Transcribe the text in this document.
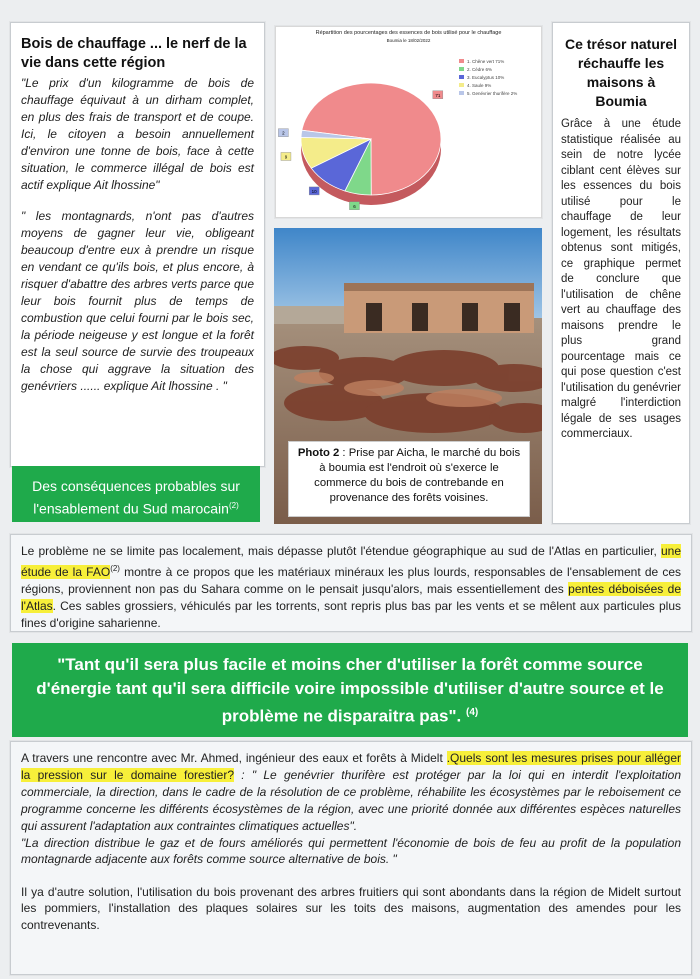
Bois de chauffage ... le nerf de la vie dans cette région

"Le prix d'un kilogramme de bois de chauffage équivaut à un dirham complet, en plus des frais de transport et de coupe. Ici, le citoyen a besoin annuellement d'environ une tonne de bois, face à cette situation, le commerce illégal de bois est actif explique Ait lhossine"

" les montagnards, n'ont pas d'autres moyens de gagner leur vie, obligeant beaucoup d'entre eux à prendre un risque en vendant ce qu'ils bois, et plus encore, à risquer d'abattre des arbres verts parce que leur bois fournit plus de temps de combustion que celui fourni par le bois sec, la période neigeuse y est longue et la forêt est la seul source de survie des troupeaux la chose qui aggrave la situation des genévriers ...... explique Ait lhossine . "

Des conséquences probables sur l'ensablement du Sud marocain$^{(2)}$
Répartition des pourcentages des essences de bois utilisé pour le chauffage
Boumia le 18/02/2022
71
6
10
9
2
1. Chêne vert 71%
2. Cèdre 6%
3. Eucalyptus 10%
4. Saule 9%
5. Genévrier thurifère 2%
Photo 2 : Prise par Aicha, le marché du bois à boumia est l'endroit où s'exerce le commerce du bois de contrebande en provenance des forêts voisines.
Ce trésor naturel réchauffe les maisons à Boumia

Grâce à une étude statistique réalisée au sein de notre lycée ciblant cent élèves sur les essences du bois utilisé pour le chauffage de leur logement, les résultats obtenus sont mitigés, ce graphique permet de conclure que l'utilisation de chêne vert au chauffage des maisons prendre le plus grand pourcentage mais ce qui pose question c'est l'utilisation du genévrier malgré l'interdiction légale de ses usages commerciaux.

Le problème ne se limite pas localement, mais dépasse plutôt l'étendue géographique au sud de l'Atlas en particulier, une étude de la FAO$^{(2)}$ montre à ce propos que les matériaux minéraux les plus lourds, responsables de l'ensablement de ces régions, proviennent non pas du Sahara comme on le pensait jusqu'alors, mais essentiellement des pentes déboisées de l'Atlas. Ces sables grossiers, véhiculés par les torrents, sont repris plus bas par les vents et se mêlent aux particules plus fines d'origine saharienne.

"Tant qu'il sera plus facile et moins cher d'utiliser la forêt comme source d'énergie tant qu'il sera difficile voire impossible d'utiliser d'autre source et le problème ne disparaitra pas". $^{(4)}$

A travers une rencontre avec Mr. Ahmed, ingénieur des eaux et forêts à Midelt .Quels sont les mesures prises pour alléger la pression sur le domaine forestier? : " Le genévrier thurifère est protéger par la loi qui en interdit l'exploitation commerciale, la direction, dans le cadre de la résolution de ce problème, réhabilite les écosystèmes par le reboisement ce programme concerne les différents écosystèmes de la région, avec une priorité donnée aux différentes espèces naturelles qui assurent l'adaptation aux contraintes climatiques actuelles".

"La direction distribue le gaz et de fours améliorés qui permettent l'économie de bois de feu au profit de la population montagnarde adjacente aux forêts comme source alternative de bois. "

Il ya d'autre solution, l'utilisation du bois provenant des arbres fruitiers qui sont abondants dans la région de Midelt surtout les pommiers, l'installation des plaques solaires sur les toits des maisons, augmentation des amendes pour les contrevenants.
